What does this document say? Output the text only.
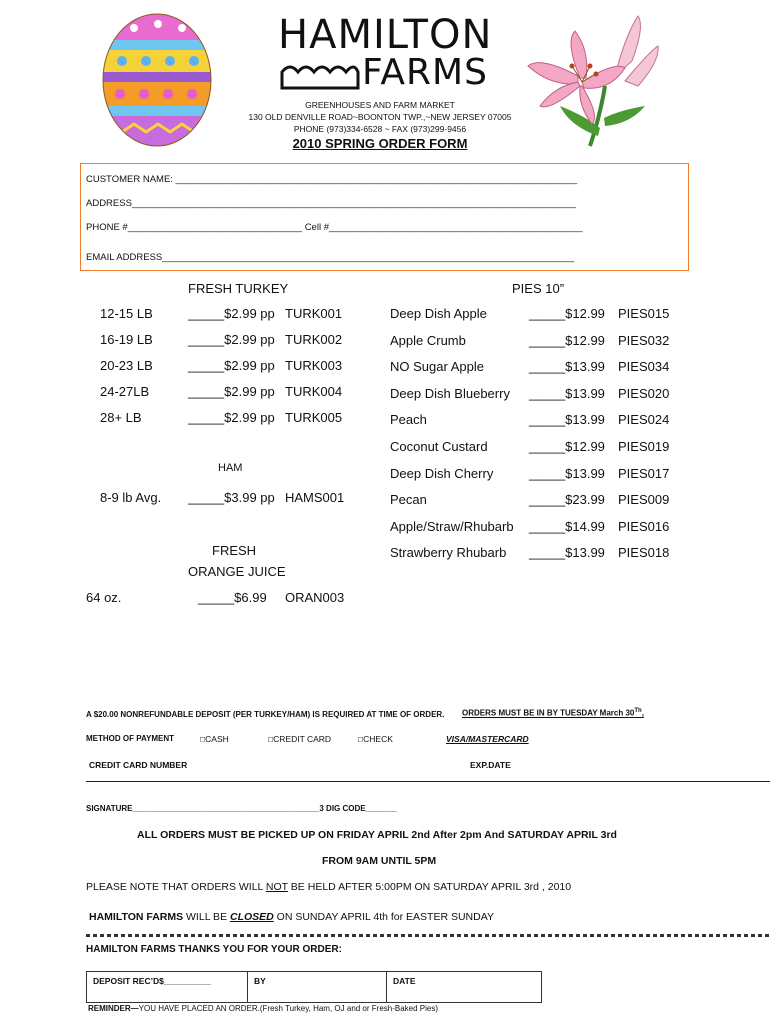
HAMILTON
FARMS
GREENHOUSES AND FARM MARKET
130 OLD DENVILLE ROAD~BOONTON TWP.,~NEW JERSEY 07005
PHONE (973)334-6528 ~ FAX (973)299-9456
2010 SPRING ORDER FORM
CUSTOMER NAME: ____________________________________________________________________________
ADDRESS____________________________________________________________________________________
PHONE #_________________________________ Cell #________________________________________________
EMAIL ADDRESS______________________________________________________________________________
FRESH TURKEY
12-15 LB	_____$2.99 pp TURK001
16-19 LB	_____$2.99 pp TURK002
20-23 LB	_____$2.99 pp TURK003
24-27LB	_____$2.99 pp TURK004
28+ LB	_____$2.99 pp TURK005
HAM
8-9 lb Avg. _____$3.99 pp HAMS001
FRESH
ORANGE JUICE
64 oz.	_____$6.99 ORAN003
PIES 10”
Deep Dish Apple	_____$12.99 PIES015
Apple Crumb	_____$12.99 PIES032
NO Sugar Apple	_____$13.99 PIES034
Deep Dish Blueberry _____$13.99 PIES020
Peach	_____$13.99 PIES024
Coconut Custard	_____$12.99 PIES019
Deep Dish Cherry	_____$13.99 PIES017
Pecan	_____$23.99 PIES009
Apple/Straw/Rhubarb _____$14.99 PIES016
Strawberry Rhubarb _____$13.99 PIES018
A $20.00 NONREFUNDABLE DEPOSIT (PER TURKEY/HAM) IS REQUIRED AT TIME OF ORDER. ORDERS MUST BE IN BY TUESDAY March 30Th,
METHOD OF PAYMENT	□CASH	□CREDIT CARD	□CHECK	VISA/MASTERCARD
CREDIT CARD NUMBER	EXP.DATE
SIGNATURE__________________________________________3 DIG CODE_______
ALL ORDERS MUST BE PICKED UP ON FRIDAY APRIL 2nd After 2pm And SATURDAY APRIL 3rd
FROM 9AM UNTIL 5PM
PLEASE NOTE THAT ORDERS WILL NOT BE HELD AFTER 5:00PM ON SATURDAY APRIL 3rd , 2010
HAMILTON FARMS WILL BE CLOSED ON SUNDAY APRIL 4th for EASTER SUNDAY
HAMILTON FARMS THANKS YOU FOR YOUR ORDER:
DEPOSIT REC’D$__________	BY	DATE
REMINDER—YOU HAVE PLACED AN ORDER.(Fresh Turkey, Ham, OJ and or Fresh-Baked Pies)
